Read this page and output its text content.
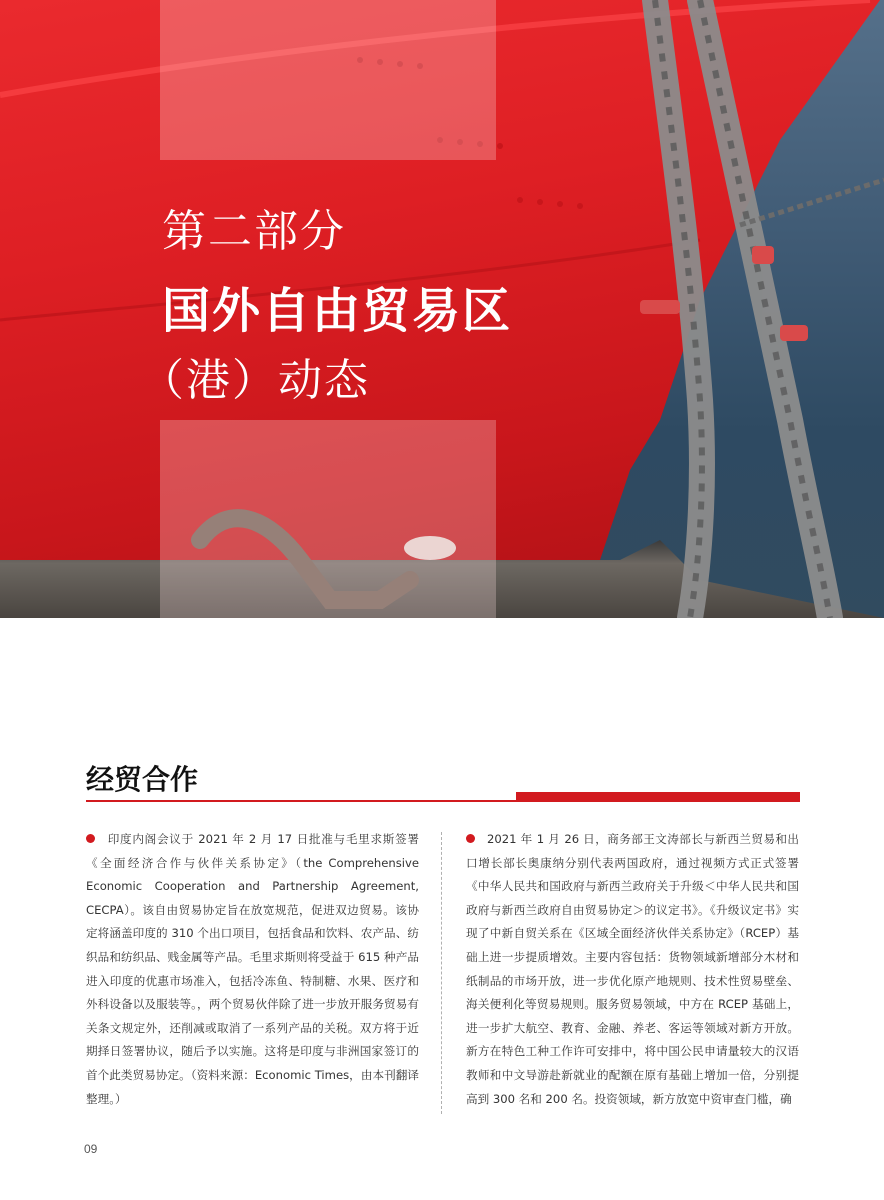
第二部分
国外自由贸易区
（港）动态
经贸合作
印度内阁会议于 2021 年 2 月 17 日批准与毛里求斯签署《全面经济合作与伙伴关系协定》（the Comprehensive Economic Cooperation and Partnership Agreement, CECPA）。该自由贸易协定旨在放宽规范，促进双边贸易。该协定将涵盖印度的 310 个出口项目，包括食品和饮料、农产品、纺织品和纺织品、贱金属等产品。毛里求斯则将受益于 615 种产品进入印度的优惠市场准入，包括冷冻鱼、特制糖、水果、医疗和外科设备以及服装等。，两个贸易伙伴除了进一步放开服务贸易有关条文规定外，还削减或取消了一系列产品的关税。双方将于近期择日签署协议，随后予以实施。这将是印度与非洲国家签订的首个此类贸易协定。（资料来源：Economic Times，由本刊翻译整理。）
2021 年 1 月 26 日，商务部王文涛部长与新西兰贸易和出口增长部长奥康纳分别代表两国政府，通过视频方式正式签署《中华人民共和国政府与新西兰政府关于升级＜中华人民共和国政府与新西兰政府自由贸易协定＞的议定书》。《升级议定书》实现了中新自贸关系在《区域全面经济伙伴关系协定》（RCEP）基础上进一步提质增效。主要内容包括：货物领域新增部分木材和纸制品的市场开放，进一步优化原产地规则、技术性贸易壁垒、海关便利化等贸易规则。服务贸易领域，中方在 RCEP 基础上，进一步扩大航空、教育、金融、养老、客运等领域对新方开放。新方在特色工种工作许可安排中，将中国公民申请量较大的汉语教师和中文导游赴新就业的配额在原有基础上增加一倍，分别提高到 300 名和 200 名。投资领域，新方放宽中资审查门槛，确
09
